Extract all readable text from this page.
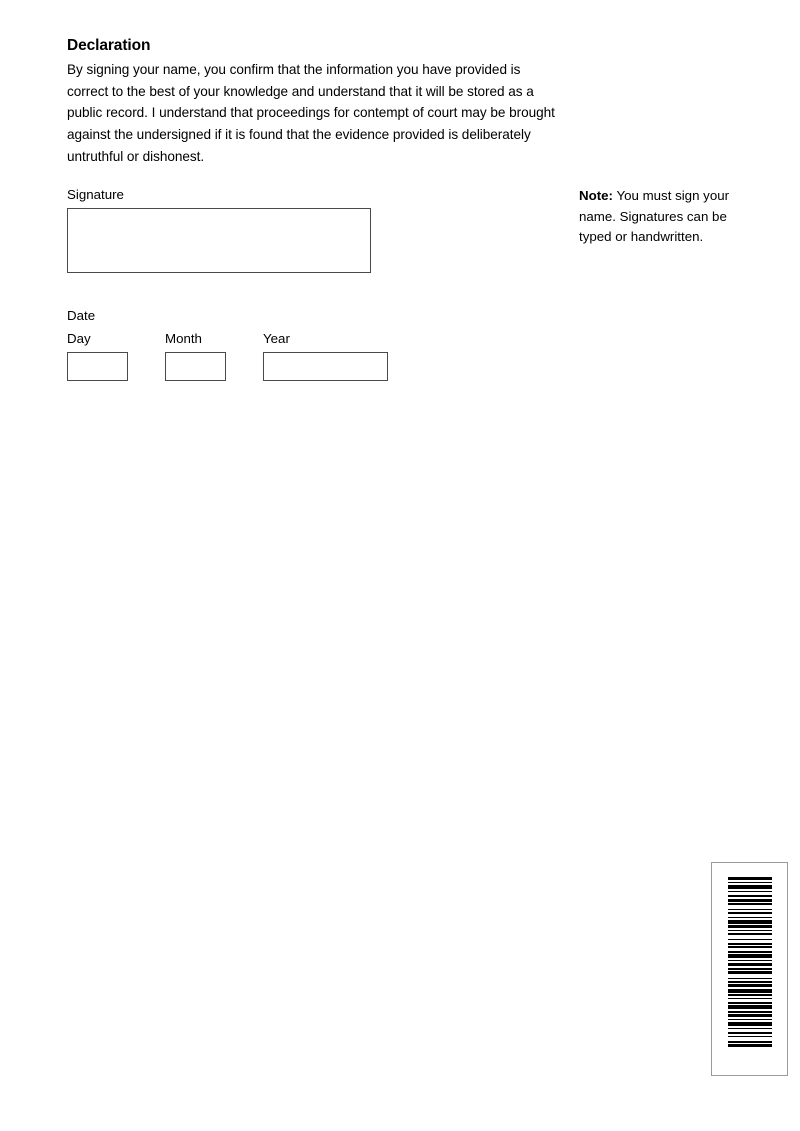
Declaration

By signing your name, you confirm that the information you have provided is correct to the best of your knowledge and understand that it will be stored as a public record. I understand that proceedings for contempt of court may be brought against the undersigned if it is found that the evidence provided is deliberately untruthful or dishonest.

Signature	Note: You must sign your name. Signatures can be typed or handwritten.
Date
Day	Month	Year
